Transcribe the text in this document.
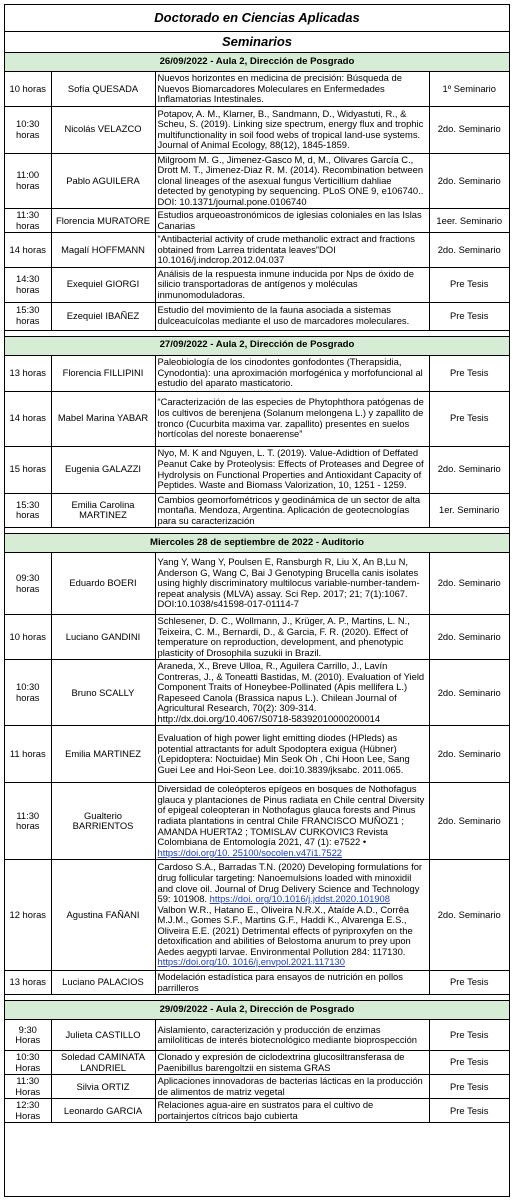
Doctorado en Ciencias Aplicadas
Seminarios
26/09/2022 - Aula 2, Dirección de Posgrado			
10 horas	Sofía QUESADA	Nuevos horizontes en medicina de precisión: Búsqueda de Nuevos Biomarcadores Moleculares en Enfermedades Inflamatorias Intestinales.	1º Seminario
10:30 horas	Nicolás VELAZCO	Potapov, A. M., Klarner, B., Sandmann, D., Widyastuti, R., & Scheu, S. (2019). Linking size spectrum, energy flux and trophic multifunctionality in soil food webs of tropical land-use systems. Journal of Animal Ecology, 88(12), 1845-1859.	2do. Seminario
11:00 horas	Pablo AGUILERA	Milgroom M. G., Jimenez-Gasco M, d, M., Olivares García C., Drott M. T., Jimenez-Diaz R. M. (2014). Recombination between clonal lineages of the asexual fungus Verticillium dahliae detected by genotyping by sequencing. PLoS ONE 9, e106740.. DOI: 10.1371/journal.pone.0106740	2do. Seminario
11:30 horas	Florencia MURATORE	Estudios arqueoastronómicos de iglesias coloniales en las Islas Canarias	1eer. Seminario
14 horas	Magalí HOFFMANN	“Antibacterial activity of crude methanolic extract and fractions obtained from Larrea tridentata leaves”DOI 10.1016/j.indcrop.2012.04.037	2do. Seminario
14:30 horas	Exequiel GIORGI	Análisis de la respuesta inmune inducida por Nps de óxido de silicio transportadoras de antígenos y moléculas inmunomoduladoras.	Pre Tesis
15:30 horas	Ezequiel IBAÑEZ	Estudio del movimiento de la fauna asociada a sistemas dulceacuícolas mediante el uso de marcadores moleculares.	Pre Tesis

27/09/2022 - Aula 2, Dirección de Posgrado			
13 horas	Florencia FILLIPINI	Paleobiología de los cinodontes gonfodontes (Therapsidia, Cynodontia): una aproximación morfogénica y morfofuncional al estudio del aparato masticatorio.	Pre Tesis
14 horas	Mabel Marina YABAR	“Caracterización de las especies de Phytophthora patógenas de los cultivos de berenjena (Solanum melongena L.) y zapallito de tronco (Cucurbita maxima var. zapallito) presentes en suelos hortícolas del noreste bonaerense”	Pre Tesis
15 horas	Eugenia GALAZZI	Nyo, M. K and Nguyen, L. T. (2019). Value-Adidtion of Deffated Peanut Cake by Proteolysis: Effects of Proteases and Degree of Hydrolysis on Functional Properties and Antioxidant Capacity of Peptides. Waste and Biomass Valorization, 10, 1251 - 1259.	2do. Seminario
15:30 horas	Emilia Carolina MARTINEZ	Cambios geomorfométricos y geodinámica de un sector de alta montaña. Mendoza, Argentina. Aplicación de geotecnologías para su caracterización	1er. Seminario

Miercoles 28 de septiembre de 2022 - Auditorio			
09:30 horas	Eduardo BOERI	Yang Y, Wang Y, Poulsen E, Ransburgh R, Liu X, An B,Lu N, Anderson G, Wang C, Bai J Genotyping Brucella canis isolates using highly discriminatory multilocus variable-number-tandem-repeat analysis (MLVA) assay. Sci Rep. 2017; 21; 7(1):1067. DOI:10.1038/s41598-017-01114-7	2do. Seminario
10 horas	Luciano GANDINI	Schlesener, D. C., Wollmann, J., Krüger, A. P., Martins, L. N., Teixeira, C. M., Bernardi, D., & Garcia, F. R. (2020). Effect of temperature on reproduction, development, and phenotypic plasticity of Drosophila suzukii in Brazil.	2do. Seminario
10:30 horas	Bruno SCALLY	Araneda, X., Breve Ulloa, R., Aguilera Carrillo, J., Lavín Contreras, J., & Toneatti Bastidas, M. (2010). Evaluation of Yield Component Traits of Honeybee-Pollinated (Apis mellifera L.) Rapeseed Canola (Brassica napus L.). Chilean Journal of Agricultural Research, 70(2): 309-314. http://dx.doi.org/10.4067/S0718-58392010000200014	2do. Seminario
11 horas	Emilia MARTINEZ	Evaluation of high power light emitting diodes (HPleds) as potential attractants for adult Spodoptera exigua (Hübner) (Lepidoptera: Noctuidae) Min Seok Oh , Chi Hoon Lee, Sang Guei Lee and Hoi-Seon Lee. doi:10.3839/jksabc. 2011.065.	2do. Seminario
11:30 horas	Gualterio BARRIENTOS	Diversidad de coleópteros epígeos en bosques de Nothofagus glauca y plantaciones de Pinus radiata en Chile central Diversity of epigeal coleopteran in Nothofagus glauca forests and Pinus radiata plantations in central Chile FRANCISCO MUÑOZ1 ; AMANDA HUERTA2 ; TOMISLAV CURKOVIC3 Revista Colombiana de Entomología 2021, 47 (1): e7522 • https://doi.org/10. 25100/socolen.v47i1.7522	2do. Seminario
12 horas	Agustina FAÑANI	Cardoso S.A., Barradas T.N. (2020) Developing formulations for drug follicular targeting: Nanoemulsions loaded with minoxidil and clove oil. Journal of Drug Delivery Science and Technology 59: 101908. https://doi. org/10.1016/j.jddst.2020.101908
Valbon W.R., Hatano E., Oliveira N.R.X., Ataíde A.D., Corrêa M.J.M., Gomes S.F., Martins G.F., Haddi K., Alvarenga E.S., Oliveira E.E. (2021) Detrimental effects of pyriproxyfen on the detoxification and abilities of Belostoma anurum to prey upon Aedes aegypti larvae. Environmental Pollution 284: 117130. https://doi.org/10. 1016/j.envpol.2021.117130	2do. Seminario
13 horas	Luciano PALACIOS	Modelación estadística para ensayos de nutrición en pollos parrilleros	Pre Tesis

29/09/2022 - Aula 2, Dirección de Posgrado			
9:30 Horas	Julieta CASTILLO	Aislamiento, caracterización y producción de enzimas amilolíticas de interés biotecnológico mediante bioprospección	Pre Tesis
10:30 Horas	Soledad CAMINATA LANDRIEL	Clonado y expresión de ciclodextrina glucosiltransferasa de Paenibillus barengoltzii en sistema GRAS	Pre Tesis
11:30 Horas	Silvia ORTIZ	Aplicaciones innovadoras de bacterias lácticas en la producción de alimentos de matriz vegetal	Pre Tesis
12:30 Horas	Leonardo GARCIA	Relaciones agua-aire en sustratos para el cultivo de portainjertos cítricos bajo cubierta	Pre Tesis
